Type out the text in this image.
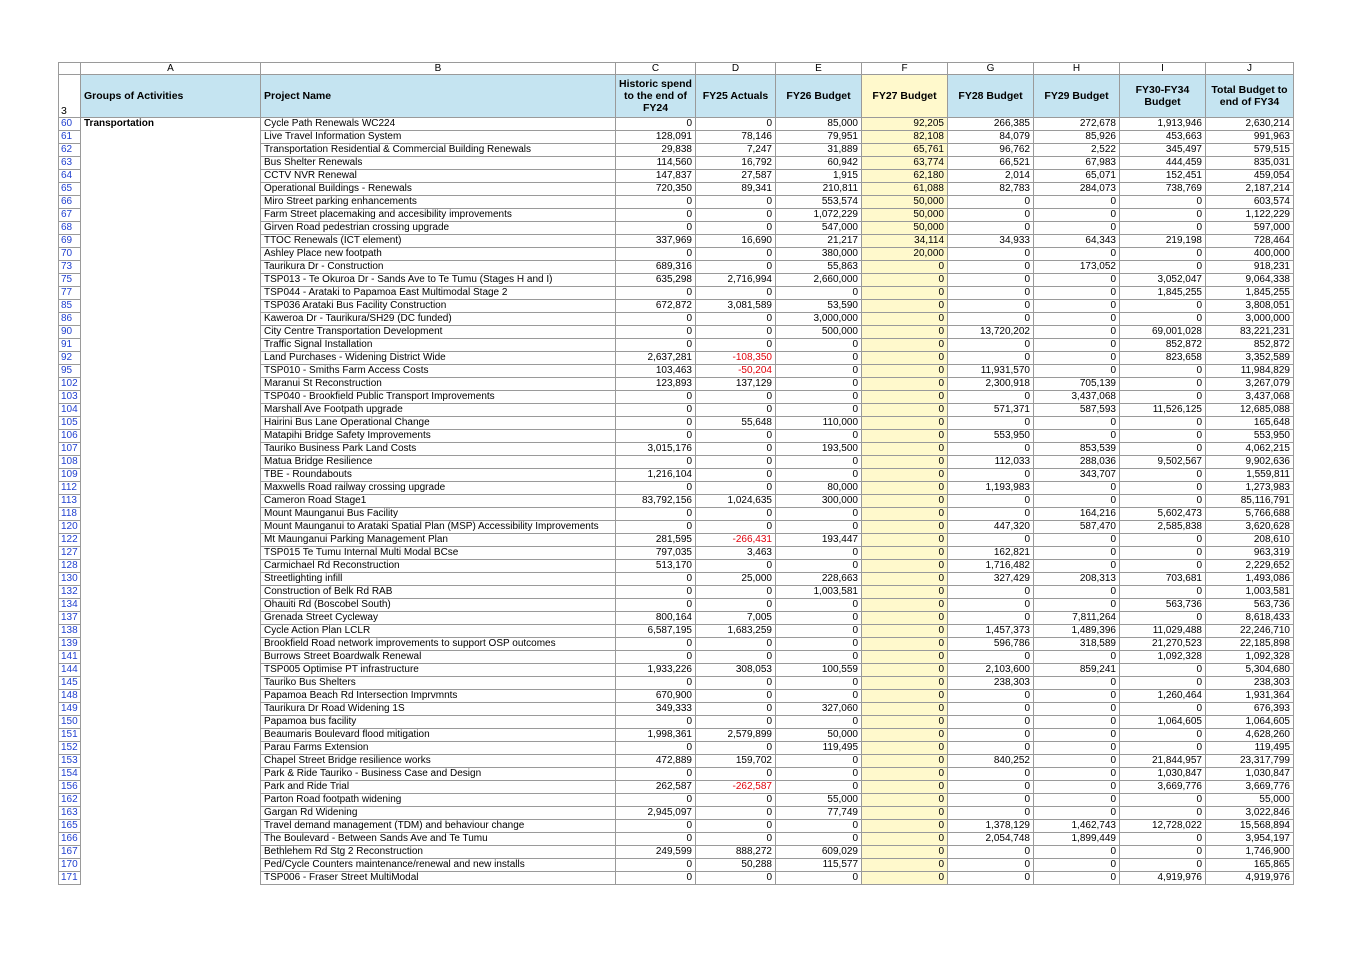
	A	B	C	D	E	F	G	H	I	J
3	Groups of Activities	Project Name	Historic spend to the end of FY24	FY25 Actuals	FY26 Budget	FY27 Budget	FY28 Budget	FY29 Budget	FY30-FY34 Budget	Total Budget to end of FY34
60	Transportation	Cycle Path Renewals WC224	0	0	85,000	92,205	266,385	272,678	1,913,946	2,630,214
61		Live Travel Information System	128,091	78,146	79,951	82,108	84,079	85,926	453,663	991,963
62		Transportation Residential & Commercial Building Renewals	29,838	7,247	31,889	65,761	96,762	2,522	345,497	579,515
63		Bus Shelter Renewals	114,560	16,792	60,942	63,774	66,521	67,983	444,459	835,031
64		CCTV NVR Renewal	147,837	27,587	1,915	62,180	2,014	65,071	152,451	459,054
65		Operational Buildings - Renewals	720,350	89,341	210,811	61,088	82,783	284,073	738,769	2,187,214
66		Miro Street parking enhancements	0	0	553,574	50,000	0	0	0	603,574
67		Farm Street placemaking and accesibility improvements	0	0	1,072,229	50,000	0	0	0	1,122,229
68		Girven Road pedestrian crossing upgrade	0	0	547,000	50,000	0	0	0	597,000
69		TTOC Renewals (ICT element)	337,969	16,690	21,217	34,114	34,933	64,343	219,198	728,464
70		Ashley Place new footpath	0	0	380,000	20,000	0	0	0	400,000
73		Taurikura Dr - Construction	689,316	0	55,863	0	0	173,052	0	918,231
75		TSP013 - Te Okuroa Dr - Sands Ave to Te Tumu (Stages H and I)	635,298	2,716,994	2,660,000	0	0	0	3,052,047	9,064,338
77		TSP044 - Arataki to Papamoa East Multimodal Stage 2	0	0	0	0	0	0	1,845,255	1,845,255
85		TSP036 Arataki Bus Facility Construction	672,872	3,081,589	53,590	0	0	0	0	3,808,051
86		Kaweroa Dr - Taurikura/SH29 (DC funded)	0	0	3,000,000	0	0	0	0	3,000,000
90		City Centre Transportation Development	0	0	500,000	0	13,720,202	0	69,001,028	83,221,231
91		Traffic Signal Installation	0	0	0	0	0	0	852,872	852,872
92		Land Purchases - Widening District Wide	2,637,281	-108,350	0	0	0	0	823,658	3,352,589
95		TSP010 - Smiths Farm Access Costs	103,463	-50,204	0	0	11,931,570	0	0	11,984,829
102		Maranui St Reconstruction	123,893	137,129	0	0	2,300,918	705,139	0	3,267,079
103		TSP040 - Brookfield Public Transport Improvements	0	0	0	0	0	3,437,068	0	3,437,068
104		Marshall Ave Footpath upgrade	0	0	0	0	571,371	587,593	11,526,125	12,685,088
105		Hairini Bus Lane Operational Change	0	55,648	110,000	0	0	0	0	165,648
106		Matapihi Bridge Safety Improvements	0	0	0	0	553,950	0	0	553,950
107		Tauriko Business Park Land Costs	3,015,176	0	193,500	0	0	853,539	0	4,062,215
108		Matua Bridge Resilience	0	0	0	0	112,033	288,036	9,502,567	9,902,636
109		TBE - Roundabouts	1,216,104	0	0	0	0	343,707	0	1,559,811
112		Maxwells Road railway crossing upgrade	0	0	80,000	0	1,193,983	0	0	1,273,983
113		Cameron Road Stage1	83,792,156	1,024,635	300,000	0	0	0	0	85,116,791
118		Mount Maunganui Bus Facility	0	0	0	0	0	164,216	5,602,473	5,766,688
120		Mount Maunganui to Arataki Spatial Plan (MSP) Accessibility Improvements	0	0	0	0	447,320	587,470	2,585,838	3,620,628
122		Mt Maunganui Parking Management Plan	281,595	-266,431	193,447	0	0	0	0	208,610
127		TSP015 Te Tumu Internal Multi Modal BCse	797,035	3,463	0	0	162,821	0	0	963,319
128		Carmichael Rd Reconstruction	513,170	0	0	0	1,716,482	0	0	2,229,652
130		Streetlighting infill	0	25,000	228,663	0	327,429	208,313	703,681	1,493,086
132		Construction of Belk Rd RAB	0	0	1,003,581	0	0	0	0	1,003,581
134		Ohauiti Rd (Boscobel South)	0	0	0	0	0	0	563,736	563,736
137		Grenada Street Cycleway	800,164	7,005	0	0	0	7,811,264	0	8,618,433
138		Cycle Action Plan LCLR	6,587,195	1,683,259	0	0	1,457,373	1,489,396	11,029,488	22,246,710
139		Brookfield Road network improvements to support OSP outcomes	0	0	0	0	596,786	318,589	21,270,523	22,185,898
141		Burrows Street Boardwalk Renewal	0	0	0	0	0	0	1,092,328	1,092,328
144		TSP005 Optimise PT infrastructure	1,933,226	308,053	100,559	0	2,103,600	859,241	0	5,304,680
145		Tauriko Bus Shelters	0	0	0	0	238,303	0	0	238,303
148		Papamoa Beach Rd Intersection Imprvmnts	670,900	0	0	0	0	0	1,260,464	1,931,364
149		Taurikura Dr Road Widening 1S	349,333	0	327,060	0	0	0	0	676,393
150		Papamoa bus facility	0	0	0	0	0	0	1,064,605	1,064,605
151		Beaumaris Boulevard flood mitigation	1,998,361	2,579,899	50,000	0	0	0	0	4,628,260
152		Parau Farms Extension	0	0	119,495	0	0	0	0	119,495
153		Chapel Street Bridge resilience works	472,889	159,702	0	0	840,252	0	21,844,957	23,317,799
154		Park & Ride Tauriko - Business Case and Design	0	0	0	0	0	0	1,030,847	1,030,847
156		Park and Ride Trial	262,587	-262,587	0	0	0	0	3,669,776	3,669,776
162		Parton Road footpath widening	0	0	55,000	0	0	0	0	55,000
163		Gargan Rd Widening	2,945,097	0	77,749	0	0	0	0	3,022,846
165		Travel demand management (TDM) and behaviour change	0	0	0	0	1,378,129	1,462,743	12,728,022	15,568,894
166		The Boulevard - Between Sands Ave and Te Tumu	0	0	0	0	2,054,748	1,899,449	0	3,954,197
167		Bethlehem Rd Stg 2 Reconstruction	249,599	888,272	609,029	0	0	0	0	1,746,900
170		Ped/Cycle Counters maintenance/renewal and new installs	0	50,288	115,577	0	0	0	0	165,865
171		TSP006 - Fraser Street MultiModal	0	0	0	0	0	0	4,919,976	4,919,976
